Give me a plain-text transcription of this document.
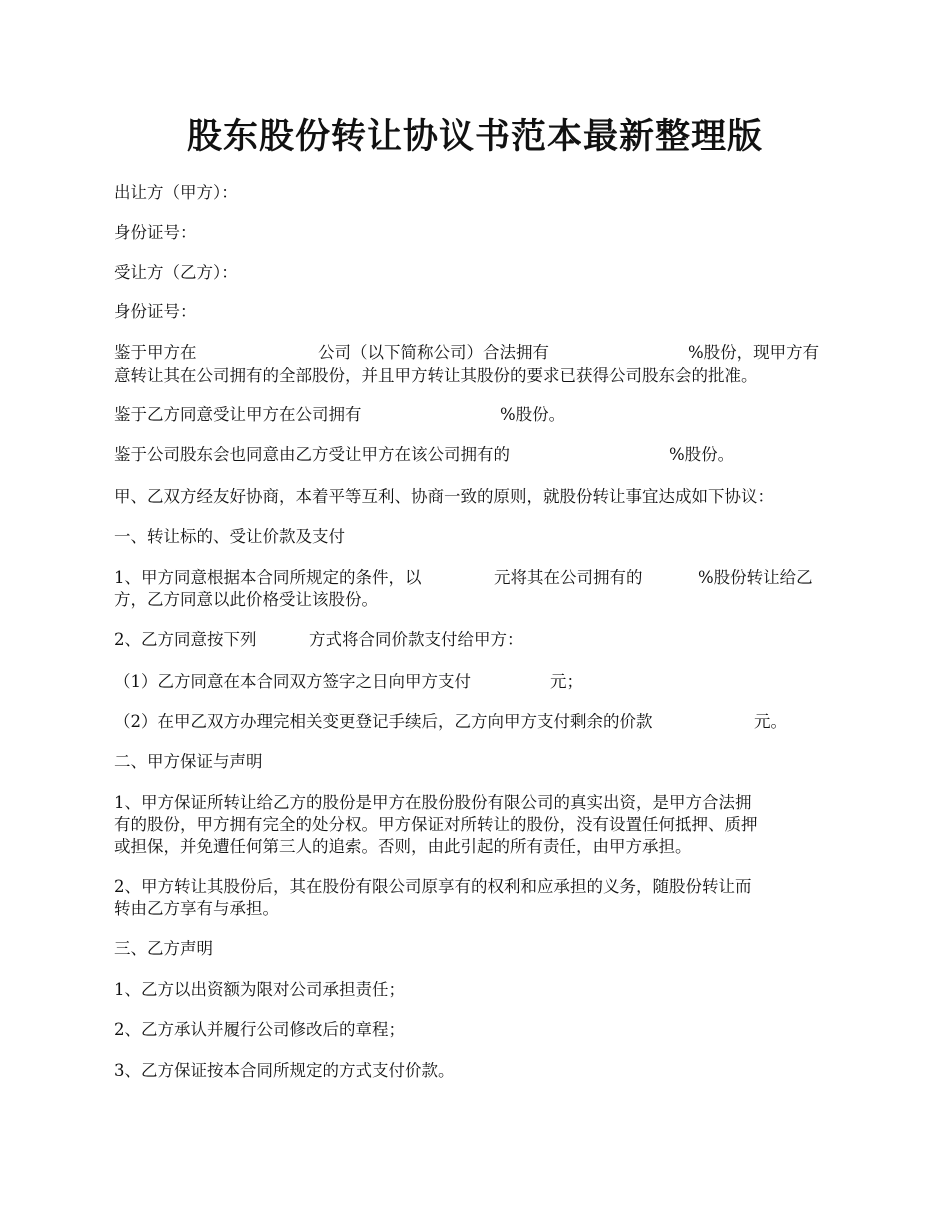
股东股份转让协议书范本最新整理版
出让方（甲方）：
身份证号：
受让方（乙方）：
身份证号：
鉴于甲方在	公司（以下简称公司）合法拥有	%股份，现甲方有
意转让其在公司拥有的全部股份，并且甲方转让其股份的要求已获得公司股东会的批准。
鉴于乙方同意受让甲方在公司拥有	%股份。
鉴于公司股东会也同意由乙方受让甲方在该公司拥有的	%股份。
甲、乙双方经友好协商，本着平等互利、协商一致的原则，就股份转让事宜达成如下协议：
一、转让标的、受让价款及支付
1、甲方同意根据本合同所规定的条件，以	元将其在公司拥有的	%股份转让给乙
方，乙方同意以此价格受让该股份。
2、乙方同意按下列	方式将合同价款支付给甲方：
（1）乙方同意在本合同双方签字之日向甲方支付	元；
（2）在甲乙双方办理完相关变更登记手续后，乙方向甲方支付剩余的价款	元。
二、甲方保证与声明
1、甲方保证所转让给乙方的股份是甲方在股份股份有限公司的真实出资，是甲方合法拥
有的股份，甲方拥有完全的处分权。甲方保证对所转让的股份，没有设置任何抵押、质押
或担保，并免遭任何第三人的追索。否则，由此引起的所有责任，由甲方承担。
2、甲方转让其股份后，其在股份有限公司原享有的权利和应承担的义务，随股份转让而
转由乙方享有与承担。
三、乙方声明
1、乙方以出资额为限对公司承担责任；
2、乙方承认并履行公司修改后的章程；
3、乙方保证按本合同所规定的方式支付价款。
